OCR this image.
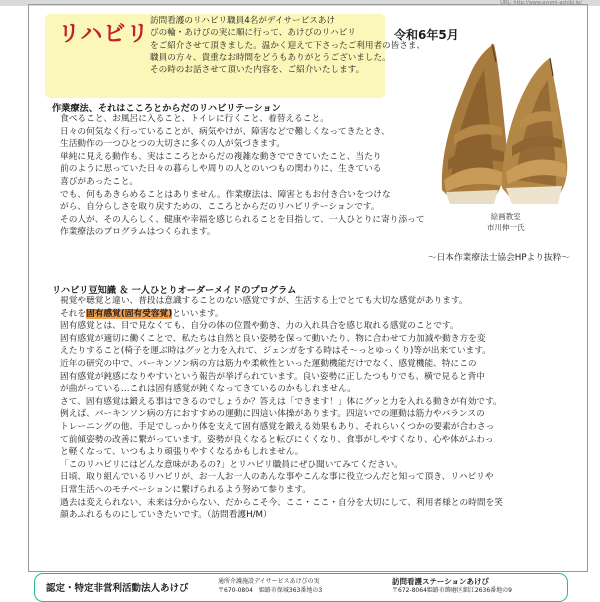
URL: http://www.ayumi-ashibi.jp/
リハビリ
訪問看護のリハビリ職員4名がデイサービスあけ
びの輪・あけびの実に順に行って、あけびのリハビリ
をご紹介させて頂きました。温かく迎えて下さったご利用者の皆さま、
職員の方々、貴重なお時間をどうもありがとうございました。
その時のお話させて頂いた内容を、ご紹介いたします。
令和6年5月
絵画教室
市川伸一氏
作業療法、それはこころとからだのリハビリテーション
食べること、お風呂に入ること、トイレに行くこと、着替えること。
日々の何気なく行っていることが、病気やけが、障害などで難しくなってきたとき、
生活動作の一つひとつの大切さに多くの人が気づきます。
単純に見える動作も、実はこころとからだの複雑な動きでできていたこと、当たり
前のように思っていた日々の暮らしや周りの人とのいつもの関わりに、生きている
喜びがあったこと。
でも、何もあきらめることはありません。作業療法は、障害ともお付き合いをつけな
がら、自分らしさを取り戻すための、こころとからだのリハビリテーションです。
その人が、その人らしく、健康や幸福を感じられることを目指して、一人ひとりに寄り添って
作業療法のプログラムはつくられます。
～日本作業療法士協会HPより抜粋～
リハビリ豆知識 ＆ 一人ひとりオーダーメイドのプログラム
視覚や聴覚と違い、普段は意識することのない感覚ですが、生活する上でとても大切な感覚があります。
それを固有感覚(固有受容覚)といいます。
固有感覚とは、目で見なくても、自分の体の位置や動き、力の入れ具合を感じ取れる感覚のことです。
固有感覚が適切に働くことで、私たちは自然と良い姿勢を保って動いたり、物に合わせて力加減や動き方を変
えたりすること(椅子を運ぶ時はグッと力を入れて、ジェンガをする時はそ～っとゆっくり)等が出来ています。
近年の研究の中で、パーキンソン病の方は筋力や柔軟性といった運動機能だけでなく、感覚機能、特にこの
固有感覚が鈍感になりやすいという報告が挙げられています。良い姿勢に正したつもりでも、横で見ると背中
が曲がっている…これは固有感覚が鈍くなってきているのかもしれません。
さて、固有感覚は鍛える事はできるのでしょうか？答えは「できます！」体にグッと力を入れる動きが有効です。
例えば、パーキンソン病の方におすすめの運動に四這い体操があります。四這いでの運動は筋力やバランスの
トレーニングの他、手足でしっかり体を支えて固有感覚を鍛える効果もあり、それらいくつかの要素が合わさっ
て前傾姿勢の改善に繋がっています。姿勢が良くなると転びにくくなり、食事がしやすくなり、心や体がふわっ
と軽くなって、いつもより頑張りやすくなるかもしれません。
「このリハビリにはどんな意味があるの?」とリハビリ職員にぜひ聞いてみてください。
日頃、取り組んでいるリハビリが、お一人お一人のあんな事やこんな事に役立つんだと知って頂き、リハビリや
日常生活へのモチベーションに繋げられるよう努めて参ります。
過去は変えられない、未来は分からない、だからこそ今、ここ・ここ・自分を大切にして、利用者様との時間を笑
顔あふれるものにしていきたいです。（訪問看護H/M）
認定・特定非営利活動法人あけび
通所介護施設デイサービスあけびの実
〒670-0804　姫路市保城363番地の3
訪問看護ステーションあけび
〒672-8064姫路市飾磨区細江2636番地の9
